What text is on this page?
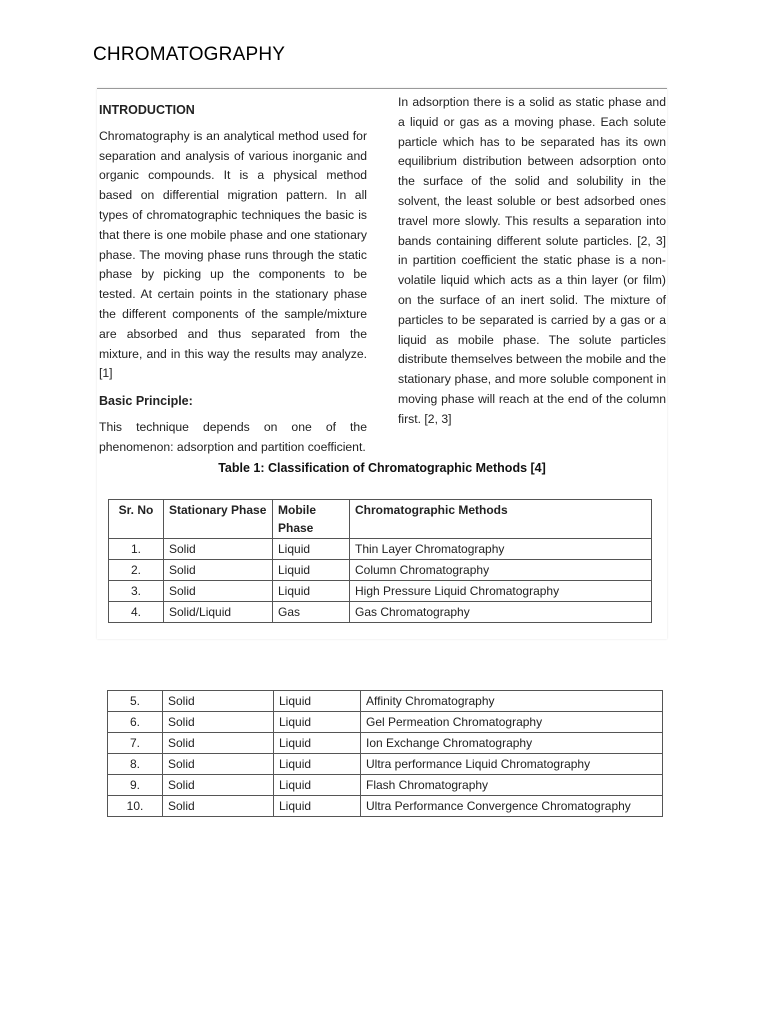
CHROMATOGRAPHY
INTRODUCTION

Chromatography is an analytical method used for separation and analysis of various inorganic and organic compounds. It is a physical method based on differential migration pattern. In all types of chromatographic techniques the basic is that there is one mobile phase and one stationary phase. The moving phase runs through the static phase by picking up the components to be tested. At certain points in the stationary phase the different components of the sample/mixture are absorbed and thus separated from the mixture, and in this way the results may analyze. [1]

Basic Principle:

This technique depends on one of the phenomenon: adsorption and partition coefficient.

In adsorption there is a solid as static phase and a liquid or gas as a moving phase. Each solute particle which has to be separated has its own equilibrium distribution between adsorption onto the surface of the solid and solubility in the solvent, the least soluble or best adsorbed ones travel more slowly. This results a separation into bands containing different solute particles. [2, 3] in partition coefficient the static phase is a non-volatile liquid which acts as a thin layer (or film) on the surface of an inert solid. The mixture of particles to be separated is carried by a gas or a liquid as mobile phase. The solute particles distribute themselves between the mobile and the stationary phase, and more soluble component in moving phase will reach at the end of the column first. [2, 3]

Table 1: Classification of Chromatographic Methods [4]
Sr. No	Stationary Phase	Mobile Phase	Chromatographic Methods
1.	Solid	Liquid	Thin Layer Chromatography
2.	Solid	Liquid	Column Chromatography
3.	Solid	Liquid	High Pressure Liquid Chromatography
4.	Solid/Liquid	Gas	Gas Chromatography
5.	Solid	Liquid	Affinity Chromatography
6.	Solid	Liquid	Gel Permeation Chromatography
7.	Solid	Liquid	Ion Exchange Chromatography
8.	Solid	Liquid	Ultra performance Liquid Chromatography
9.	Solid	Liquid	Flash Chromatography
10.	Solid	Liquid	Ultra Performance Convergence Chromatography
